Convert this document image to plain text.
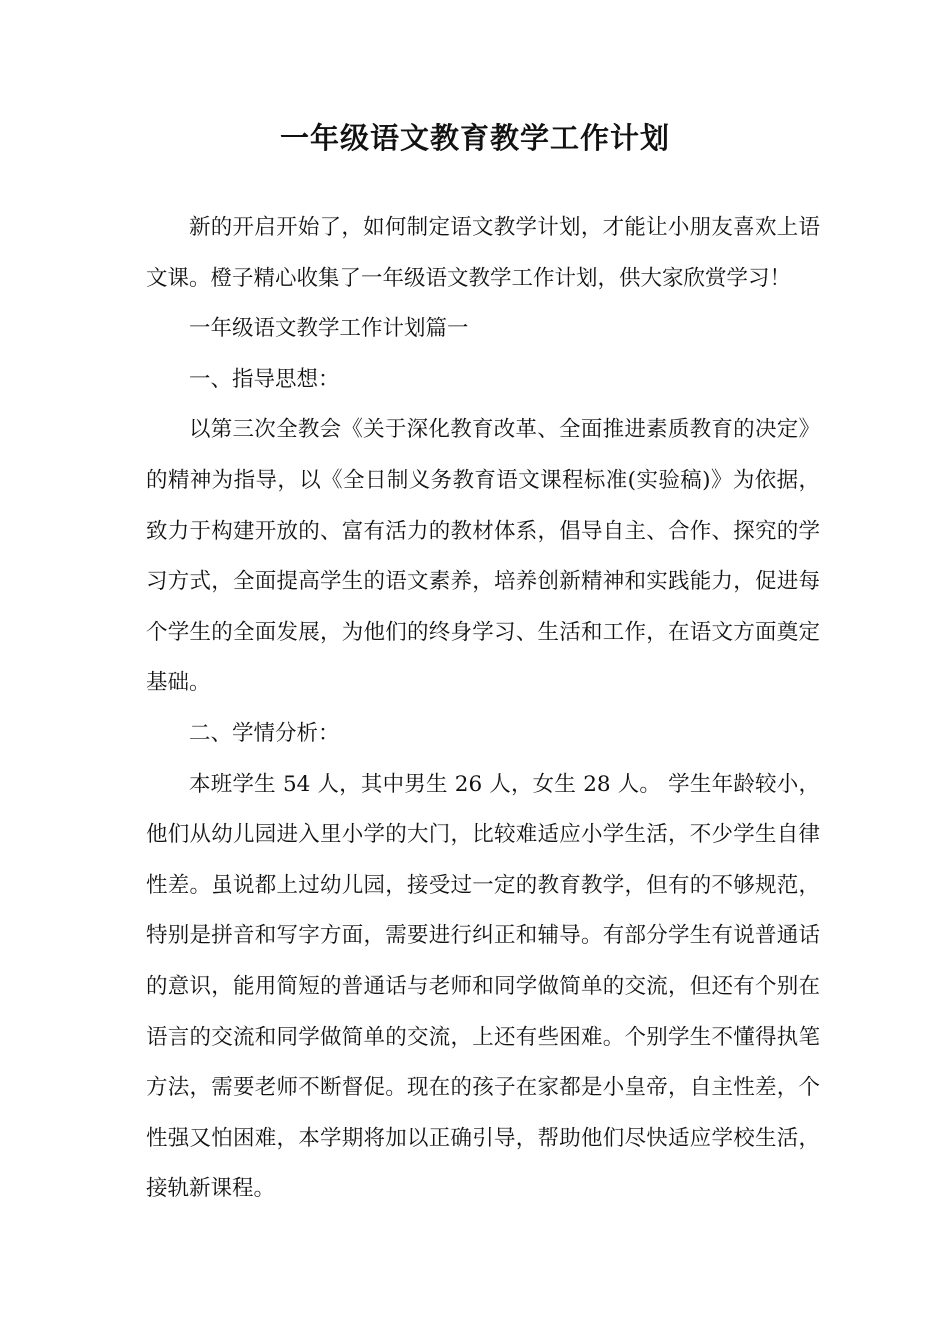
一年级语文教育教学工作计划

新的开启开始了，如何制定语文教学计划，才能让小朋友喜欢上语文课。橙子精心收集了一年级语文教学工作计划，供大家欣赏学习！

一年级语文教学工作计划篇一

一、指导思想：

以第三次全教会《关于深化教育改革、全面推进素质教育的决定》的精神为指导，以《全日制义务教育语文课程标准(实验稿)》为依据，致力于构建开放的、富有活力的教材体系，倡导自主、合作、探究的学习方式，全面提高学生的语文素养，培养创新精神和实践能力，促进每个学生的全面发展，为他们的终身学习、生活和工作，在语文方面奠定基础。

二、学情分析：

本班学生 54 人，其中男生 26 人，女生 28 人。 学生年龄较小，他们从幼儿园进入里小学的大门，比较难适应小学生活，不少学生自律性差。虽说都上过幼儿园，接受过一定的教育教学，但有的不够规范，特别是拼音和写字方面，需要进行纠正和辅导。有部分学生有说普通话的意识，能用简短的普通话与老师和同学做简单的交流，但还有个别在语言的交流和同学做简单的交流，上还有些困难。个别学生不懂得执笔方法，需要老师不断督促。现在的孩子在家都是小皇帝，自主性差，个性强又怕困难，本学期将加以正确引导，帮助他们尽快适应学校生活，接轨新课程。
